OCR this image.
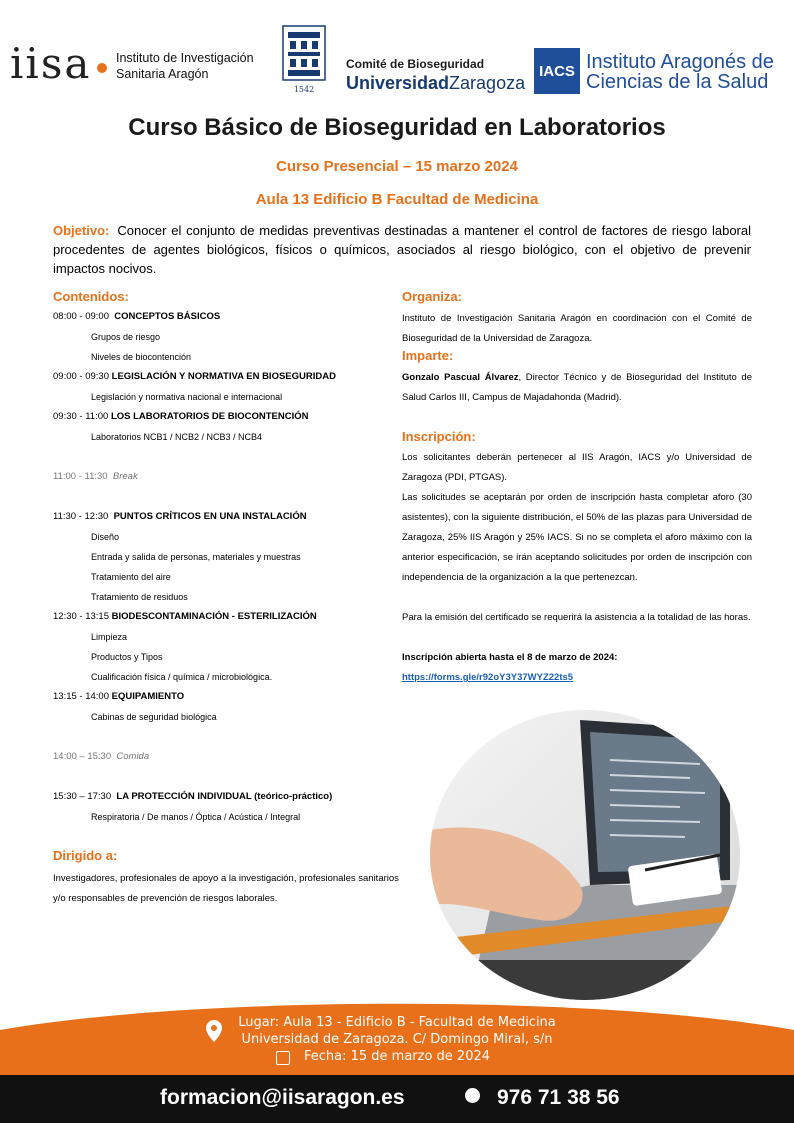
iisa Instituto de Investigación
Sanitaria Aragón
1542
Comité de Bioseguridad
UniversidadZaragoza
IACS Instituto Aragonés de
Ciencias de la Salud
Curso Básico de Bioseguridad en Laboratorios
Curso Presencial – 15 marzo 2024
Aula 13 Edificio B Facultad de Medicina
Objetivo: Conocer el conjunto de medidas preventivas destinadas a mantener el control de factores de riesgo laboral procedentes de agentes biológicos, físicos o químicos, asociados al riesgo biológico, con el objetivo de prevenir impactos nocivos.
Contenidos:
08:00 - 09:00 CONCEPTOS BÁSICOS
Grupos de riesgo
Niveles de biocontención
09:00 - 09:30 LEGISLACIÓN Y NORMATIVA EN BIOSEGURIDAD
Legislación y normativa nacional e internacional
09:30 - 11:00 LOS LABORATORIOS DE BIOCONTENCIÓN
Laboratorios NCB1 / NCB2 / NCB3 / NCB4
11:00 - 11:30 Break
11:30 - 12:30 PUNTOS CRÍTICOS EN UNA INSTALACIÓN
Diseño
Entrada y salida de personas, materiales y muestras
Tratamiento del aire
Tratamiento de residuos
12:30 - 13:15 BIODESCONTAMINACIÓN - ESTERILIZACIÓN
Limpieza
Productos y Tipos
Cualificación física / química / microbiológica.
13:15 - 14:00 EQUIPAMIENTO
Cabinas de seguridad biológica
14:00 – 15:30 Comida
15:30 – 17:30 LA PROTECCIÓN INDIVIDUAL (teórico-práctico)
Respiratoria / De manos / Óptica / Acústica / Integral
Dirigido a:
Investigadores, profesionales de apoyo a la investigación, profesionales sanitarios y/o responsables de prevención de riesgos laborales.
Organiza:
Instituto de Investigación Sanitaria Aragón en coordinación con el Comité de Bioseguridad de la Universidad de Zaragoza.
Imparte:
Gonzalo Pascual Álvarez, Director Técnico y de Bioseguridad del Instituto de Salud Carlos III, Campus de Majadahonda (Madrid).
Inscripción:
Los solicitantes deberán pertenecer al IIS Aragón, IACS y/o Universidad de Zaragoza (PDI, PTGAS).
Las solicitudes se aceptarán por orden de inscripción hasta completar aforo (30 asistentes), con la siguiente distribución, el 50% de las plazas para Universidad de Zaragoza, 25% IIS Aragón y 25% IACS. Si no se completa el aforo máximo con la anterior especificación, se irán aceptando solicitudes por orden de inscripción con independencia de la organización a la que pertenezcan.
Para la emisión del certificado se requerirá la asistencia a la totalidad de las horas.
Inscripción abierta hasta el 8 de marzo de 2024:
https://forms.gle/r92oY3Y37WYZ22ts5
Lugar: Aula 13 - Edificio B - Facultad de Medicina
Universidad de Zaragoza. C/ Domingo Miral, s/n
Fecha: 15 de marzo de 2024
formacion@iisaragon.es	976 71 38 56
